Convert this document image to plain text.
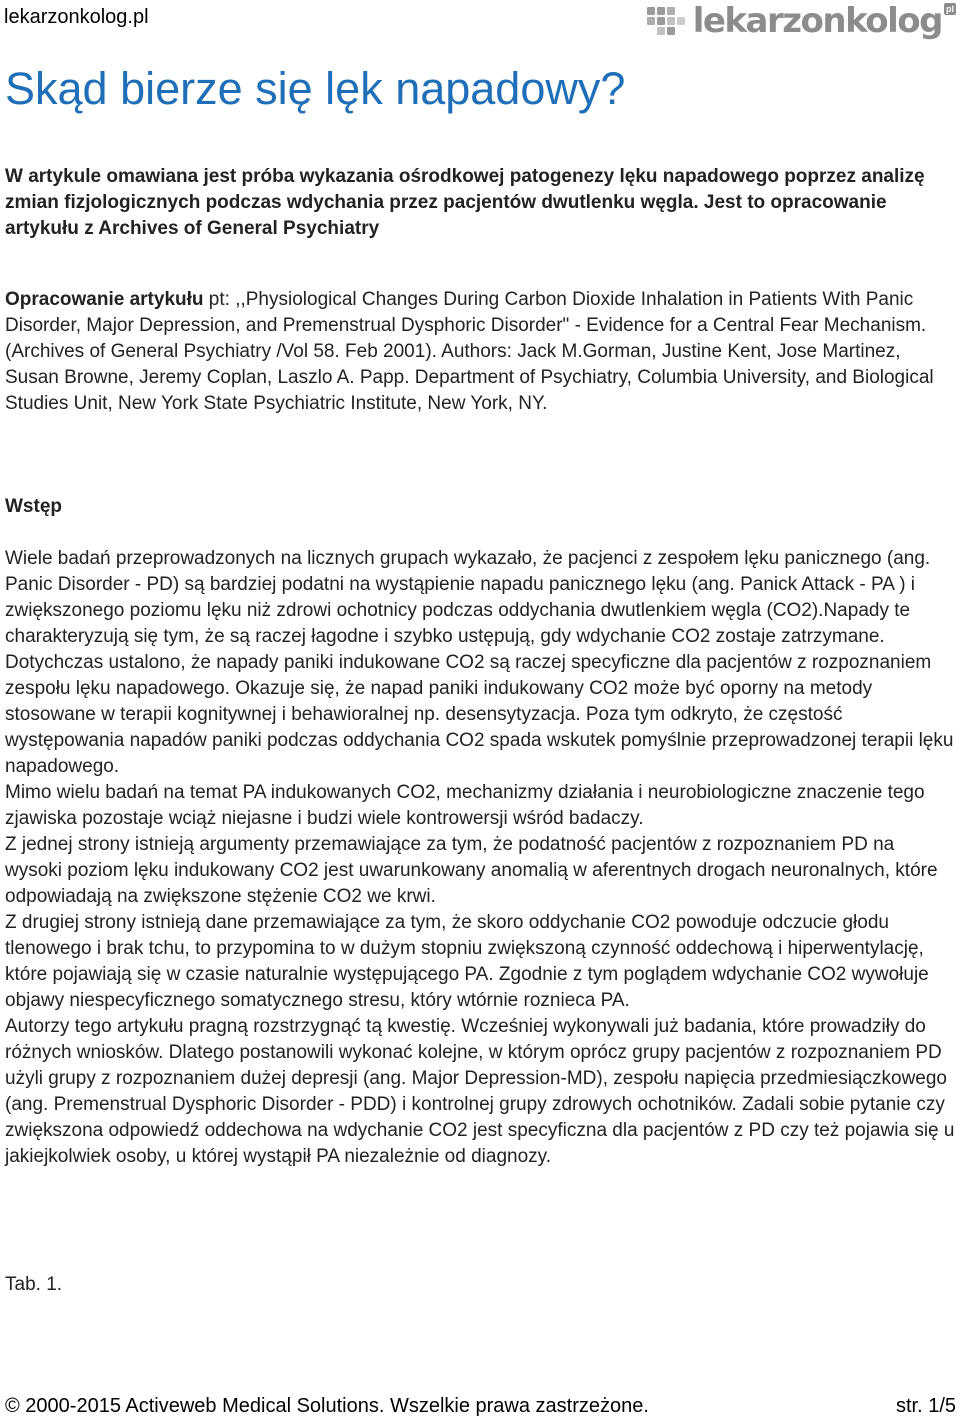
lekarzonkolog.pl	lekarzonkolog pl
Skąd bierze się lęk napadowy?

W artykule omawiana jest próba wykazania ośrodkowej patogenezy lęku napadowego poprzez analizę zmian fizjologicznych podczas wdychania przez pacjentów dwutlenku węgla. Jest to opracowanie artykułu z Archives of General Psychiatry

Opracowanie artykułu pt: ,,Physiological Changes During Carbon Dioxide Inhalation in Patients With Panic Disorder, Major Depression, and Premenstrual Dysphoric Disorder" - Evidence for a Central Fear Mechanism. (Archives of General Psychiatry /Vol 58. Feb 2001). Authors: Jack M.Gorman, Justine Kent, Jose Martinez, Susan Browne, Jeremy Coplan, Laszlo A. Papp. Department of Psychiatry, Columbia University, and Biological Studies Unit, New York State Psychiatric Institute, New York, NY.

Wstęp

Wiele badań przeprowadzonych na licznych grupach wykazało, że pacjenci z zespołem lęku panicznego (ang. Panic Disorder - PD) są bardziej podatni na wystąpienie napadu panicznego lęku (ang. Panick Attack - PA ) i zwiększonego poziomu lęku niż zdrowi ochotnicy podczas oddychania dwutlenkiem węgla (CO2).Napady te charakteryzują się tym, że są raczej łagodne i szybko ustępują, gdy wdychanie CO2 zostaje zatrzymane. Dotychczas ustalono, że napady paniki indukowane CO2 są raczej specyficzne dla pacjentów z rozpoznaniem zespołu lęku napadowego. Okazuje się, że napad paniki indukowany CO2 może być oporny na metody stosowane w terapii kognitywnej i behawioralnej np. desensytyzacja. Poza tym odkryto, że częstość występowania napadów paniki podczas oddychania CO2 spada wskutek pomyślnie przeprowadzonej terapii lęku napadowego.

Mimo wielu badań na temat PA indukowanych CO2, mechanizmy działania i neurobiologiczne znaczenie tego zjawiska pozostaje wciąż niejasne i budzi wiele kontrowersji wśród badaczy.

Z jednej strony istnieją argumenty przemawiające za tym, że podatność pacjentów z rozpoznaniem PD na wysoki poziom lęku indukowany CO2 jest uwarunkowany anomalią w aferentnych drogach neuronalnych, które odpowiadają na zwiększone stężenie CO2 we krwi.

Z drugiej strony istnieją dane przemawiające za tym, że skoro oddychanie CO2 powoduje odczucie głodu tlenowego i brak tchu, to przypomina to w dużym stopniu zwiększoną czynność oddechową i hiperwentylację, które pojawiają się w czasie naturalnie występującego PA. Zgodnie z tym poglądem wdychanie CO2 wywołuje objawy niespecyficznego somatycznego stresu, który wtórnie roznieca PA.

Autorzy tego artykułu pragną rozstrzygnąć tą kwestię. Wcześniej wykonywali już badania, które prowadziły do różnych wniosków. Dlatego postanowili wykonać kolejne, w którym oprócz grupy pacjentów z rozpoznaniem PD użyli grupy z rozpoznaniem dużej depresji (ang. Major Depression-MD), zespołu napięcia przedmiesiączkowego (ang. Premenstrual Dysphoric Disorder - PDD) i kontrolnej grupy zdrowych ochotników. Zadali sobie pytanie czy zwiększona odpowiedź oddechowa na wdychanie CO2 jest specyficzna dla pacjentów z PD czy też pojawia się u jakiejkolwiek osoby, u której wystąpił PA niezależnie od diagnozy.

Tab. 1.

© 2000-2015 Activeweb Medical Solutions. Wszelkie prawa zastrzeżone.	str. 1/5
